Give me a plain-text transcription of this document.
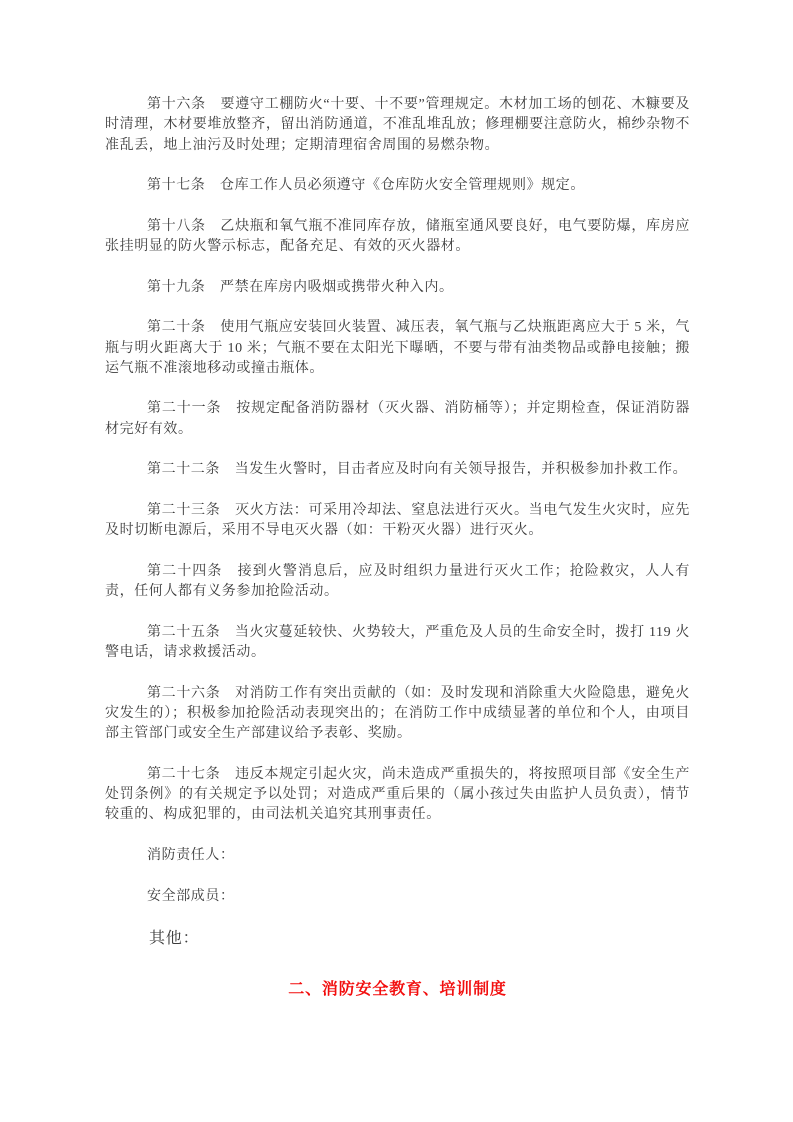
第十六条　要遵守工棚防火“十要、十不要”管理规定。木材加工场的刨花、木糠要及时清理，木材要堆放整齐，留出消防通道，不准乱堆乱放；修理棚要注意防火，棉纱杂物不准乱丢，地上油污及时处理；定期清理宿舍周围的易燃杂物。

第十七条　仓库工作人员必须遵守《仓库防火安全管理规则》规定。

第十八条　乙炔瓶和氧气瓶不准同库存放，储瓶室通风要良好，电气要防爆，库房应张挂明显的防火警示标志，配备充足、有效的灭火器材。

第十九条　严禁在库房内吸烟或携带火种入内。

第二十条　使用气瓶应安装回火装置、减压表，氧气瓶与乙炔瓶距离应大于 5 米，气瓶与明火距离大于 10 米；气瓶不要在太阳光下曝晒，不要与带有油类物品或静电接触；搬运气瓶不准滚地移动或撞击瓶体。

第二十一条　按规定配备消防器材（灭火器、消防桶等）；并定期检查，保证消防器材完好有效。

第二十二条　当发生火警时，目击者应及时向有关领导报告，并积极参加扑救工作。

第二十三条　灭火方法：可采用冷却法、窒息法进行灭火。当电气发生火灾时，应先及时切断电源后，采用不导电灭火器（如：干粉灭火器）进行灭火。

第二十四条　接到火警消息后，应及时组织力量进行灭火工作；抢险救灾，人人有责，任何人都有义务参加抢险活动。

第二十五条　当火灾蔓延较快、火势较大，严重危及人员的生命安全时，拨打 119 火警电话，请求救援活动。

第二十六条　对消防工作有突出贡献的（如：及时发现和消除重大火险隐患，避免火灾发生的）；积极参加抢险活动表现突出的；在消防工作中成绩显著的单位和个人，由项目部主管部门或安全生产部建议给予表彰、奖励。

第二十七条　违反本规定引起火灾，尚未造成严重损失的，将按照项目部《安全生产处罚条例》的有关规定予以处罚；对造成严重后果的（属小孩过失由监护人员负责），情节较重的、构成犯罪的，由司法机关追究其刑事责任。

消防责任人：

安全部成员：

其他：

二、消防安全教育、培训制度
